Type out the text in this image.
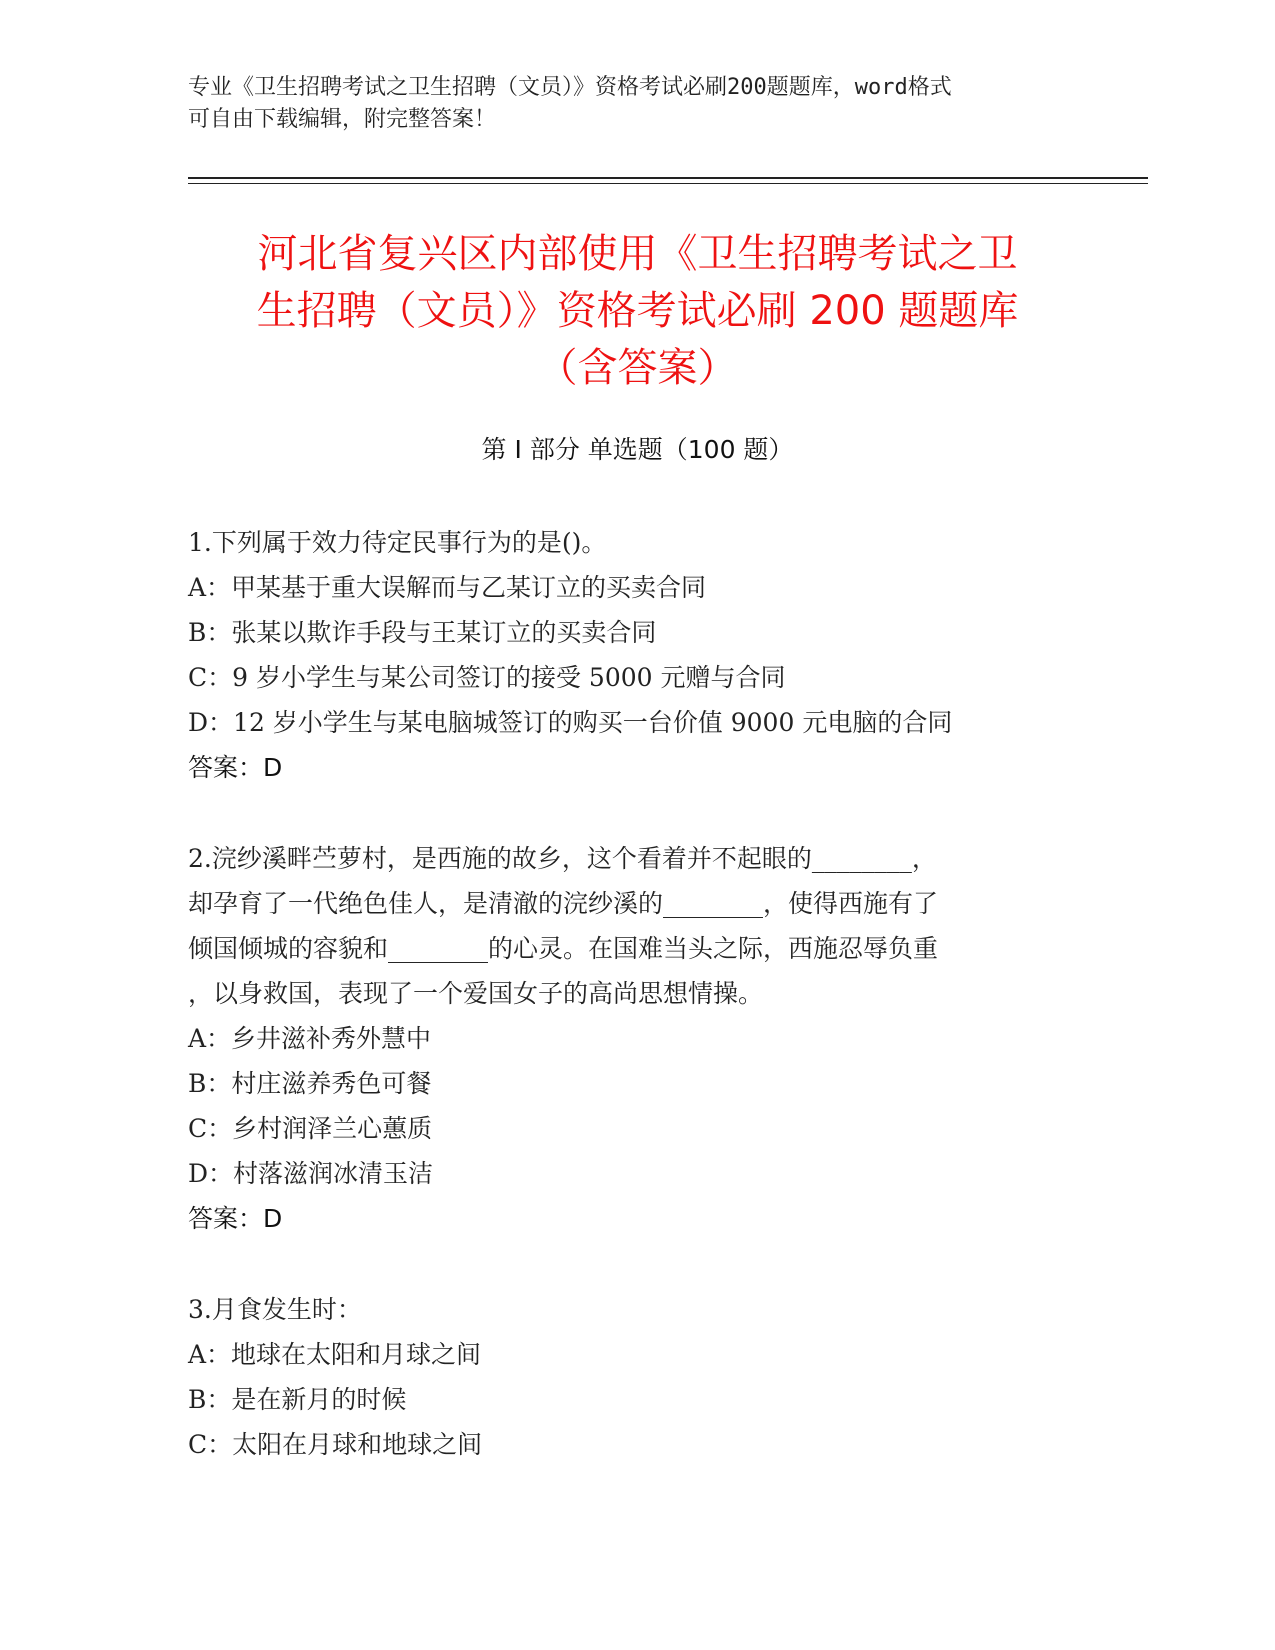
专业《卫生招聘考试之卫生招聘（文员）》资格考试必刷200题题库，word格式
可自由下载编辑，附完整答案！
河北省复兴区内部使用《卫生招聘考试之卫
生招聘（文员）》资格考试必刷 200 题题库
（含答案）
第 I 部分 单选题（100 题）
1.下列属于效力待定民事行为的是()。
A：甲某基于重大误解而与乙某订立的买卖合同
B：张某以欺诈手段与王某订立的买卖合同
C：9 岁小学生与某公司签订的接受 5000 元赠与合同
D：12 岁小学生与某电脑城签订的购买一台价值 9000 元电脑的合同
答案：D
2.浣纱溪畔苎萝村，是西施的故乡，这个看着并不起眼的________，
却孕育了一代绝色佳人，是清澈的浣纱溪的________，使得西施有了
倾国倾城的容貌和________的心灵。在国难当头之际，西施忍辱负重
，以身救国，表现了一个爱国女子的高尚思想情操。
A：乡井滋补秀外慧中
B：村庄滋养秀色可餐
C：乡村润泽兰心蕙质
D：村落滋润冰清玉洁
答案：D
3.月食发生时：
A：地球在太阳和月球之间
B：是在新月的时候
C：太阳在月球和地球之间
